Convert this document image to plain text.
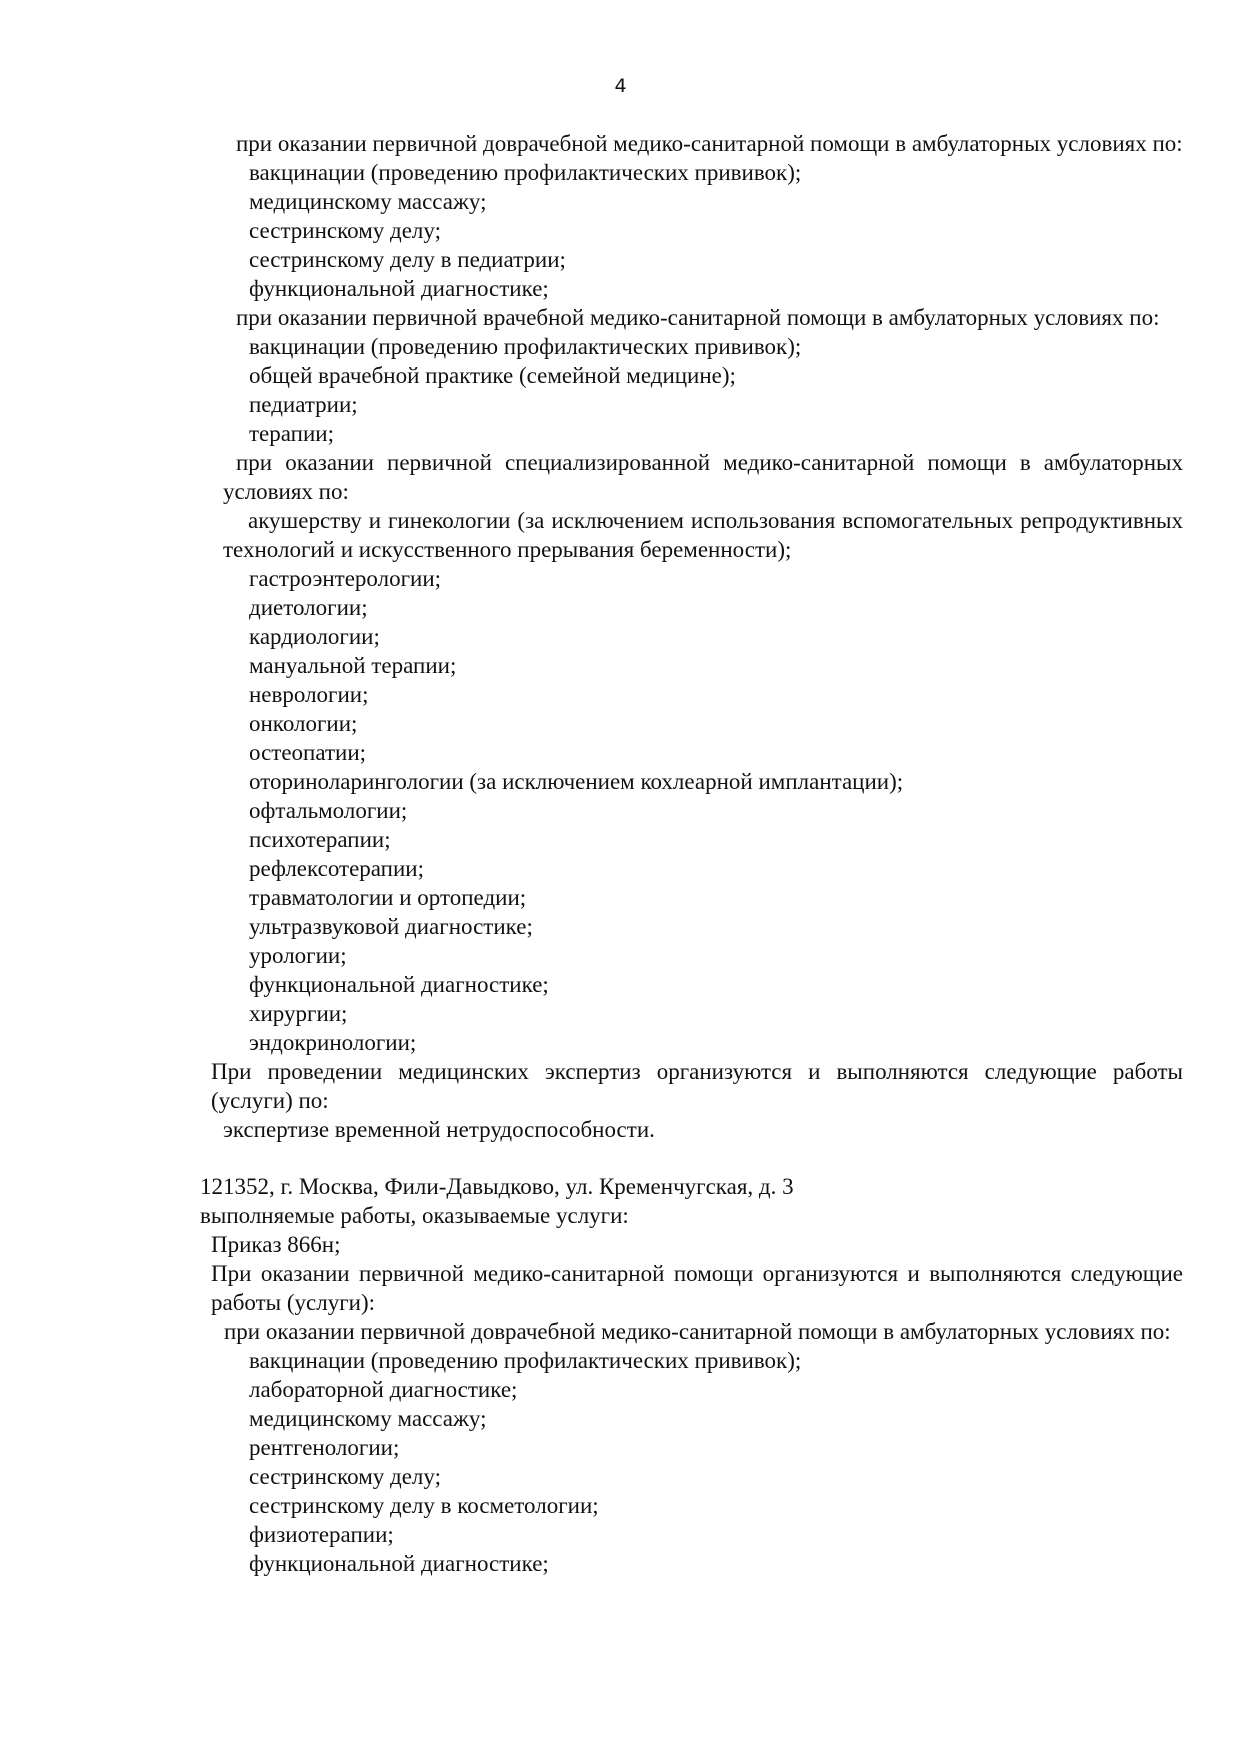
4

при оказании первичной доврачебной медико-санитарной помощи в амбулаторных условиях по:

вакцинации (проведению профилактических прививок);

медицинскому массажу;

сестринскому делу;

сестринскому делу в педиатрии;

функциональной диагностике;

при оказании первичной врачебной медико-санитарной помощи в амбулаторных условиях по:

вакцинации (проведению профилактических прививок);

общей врачебной практике (семейной медицине);

педиатрии;

терапии;

при оказании первичной специализированной медико-санитарной помощи в амбулаторных условиях по:

акушерству и гинекологии (за исключением использования вспомогательных репродуктивных технологий и искусственного прерывания беременности);

гастроэнтерологии;

диетологии;

кардиологии;

мануальной терапии;

неврологии;

онкологии;

остеопатии;

оториноларингологии (за исключением кохлеарной имплантации);

офтальмологии;

психотерапии;

рефлексотерапии;

травматологии и ортопедии;

ультразвуковой диагностике;

урологии;

функциональной диагностике;

хирургии;

эндокринологии;

При проведении медицинских экспертиз организуются и выполняются следующие работы (услуги) по:

экспертизе временной нетрудоспособности.

121352, г. Москва, Фили-Давыдково, ул. Кременчугская, д. 3

выполняемые работы, оказываемые услуги:

Приказ 866н;

При оказании первичной медико-санитарной помощи организуются и выполняются следующие работы (услуги):

при оказании первичной доврачебной медико-санитарной помощи в амбулаторных условиях по:

вакцинации (проведению профилактических прививок);

лабораторной диагностике;

медицинскому массажу;

рентгенологии;

сестринскому делу;

сестринскому делу в косметологии;

физиотерапии;

функциональной диагностике;
